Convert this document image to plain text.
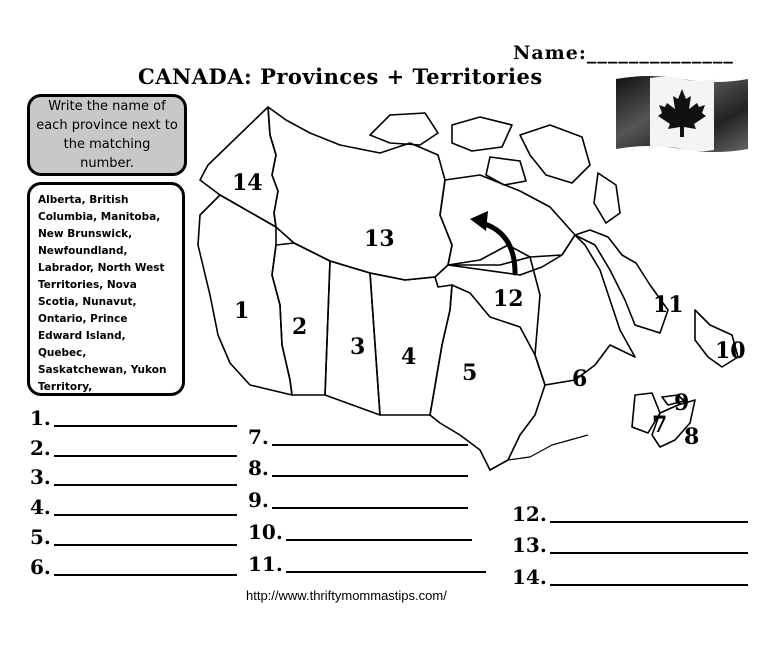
Name:______________
CANADA: Provinces + Territories
Write the name of each province next to the matching number.
Alberta, British Columbia, Manitoba, New Brunswick, Newfoundland, Labrador, North West Territories, Nova Scotia, Nunavut, Ontario, Prince Edward Island, Quebec, Saskatchewan, Yukon Territory,
1
2
3 4
5	6
7 8
9
10
11
12
13
14
1.
2.
3.
4.
5.
6.
7.
8.
9.
10.
11.
12.
13.
14.
http://www.thriftymommastips.com/
